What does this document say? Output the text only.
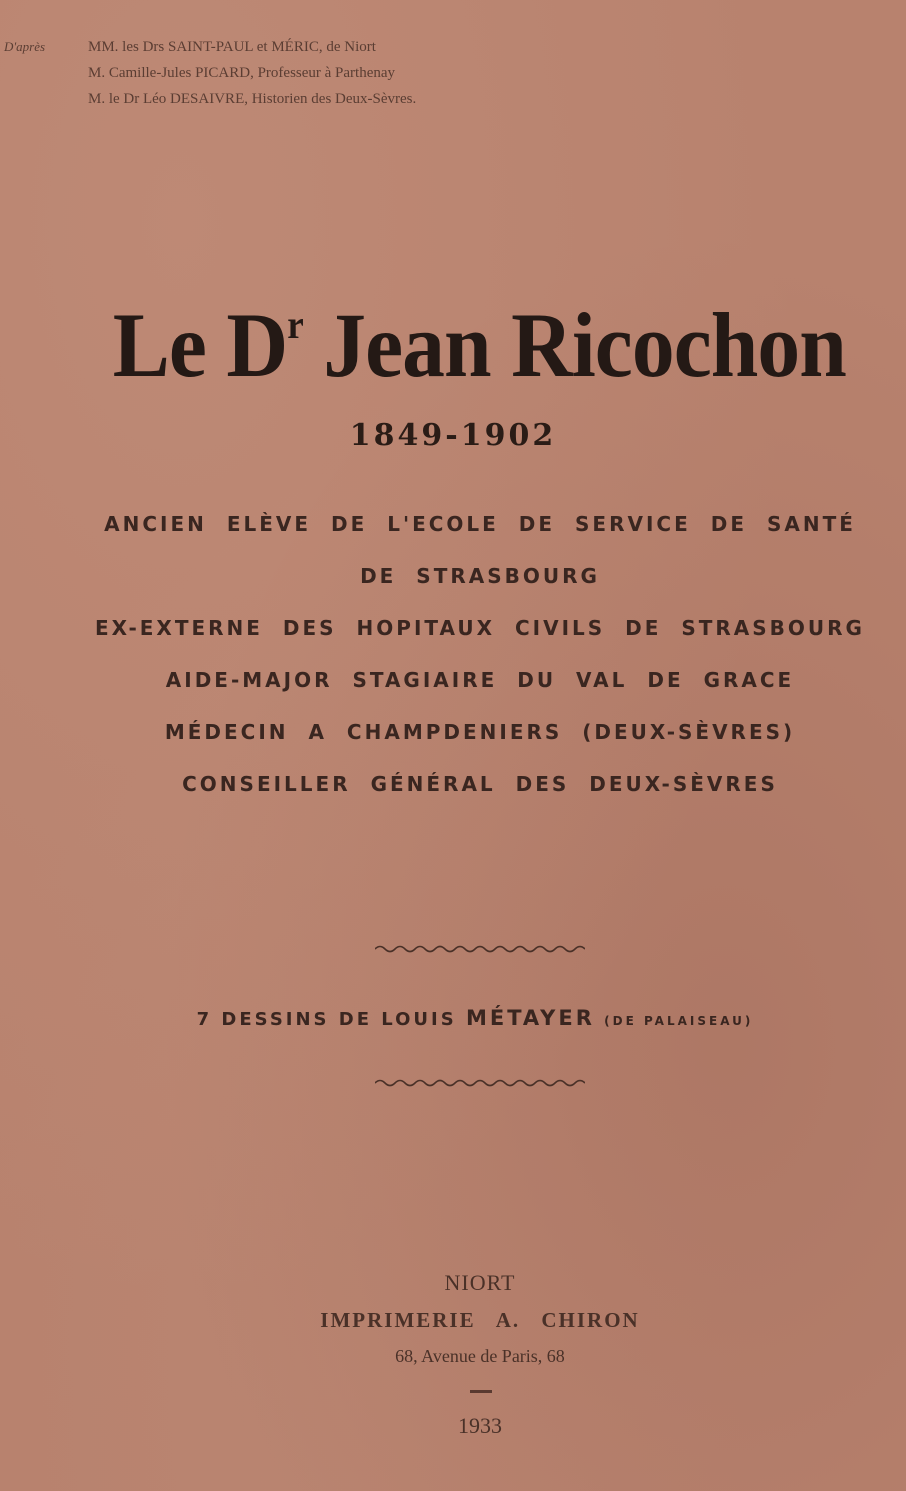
D'après	MM. les Drs SAINT-PAUL et MÉRIC, de Niort
M. Camille-Jules PICARD, Professeur à Parthenay
M. le Dr Léo DESAIVRE, Historien des Deux-Sèvres.
Le $D^r$ Jean Ricochon
1849-1902
ANCIEN ELÈVE DE L'ECOLE DE SERVICE DE SANTÉ
DE STRASBOURG
EX-EXTERNE DES HOPITAUX CIVILS DE STRASBOURG
AIDE-MAJOR STAGIAIRE DU VAL DE GRACE
MÉDECIN A CHAMPDENIERS (DEUX-SÈVRES)
CONSEILLER GÉNÉRAL DES DEUX-SÈVRES
7 DESSINS DE LOUIS MÉTAYER (DE PALAISEAU)
NIORT
IMPRIMERIE A. CHIRON
68, Avenue de Paris, 68
1933
